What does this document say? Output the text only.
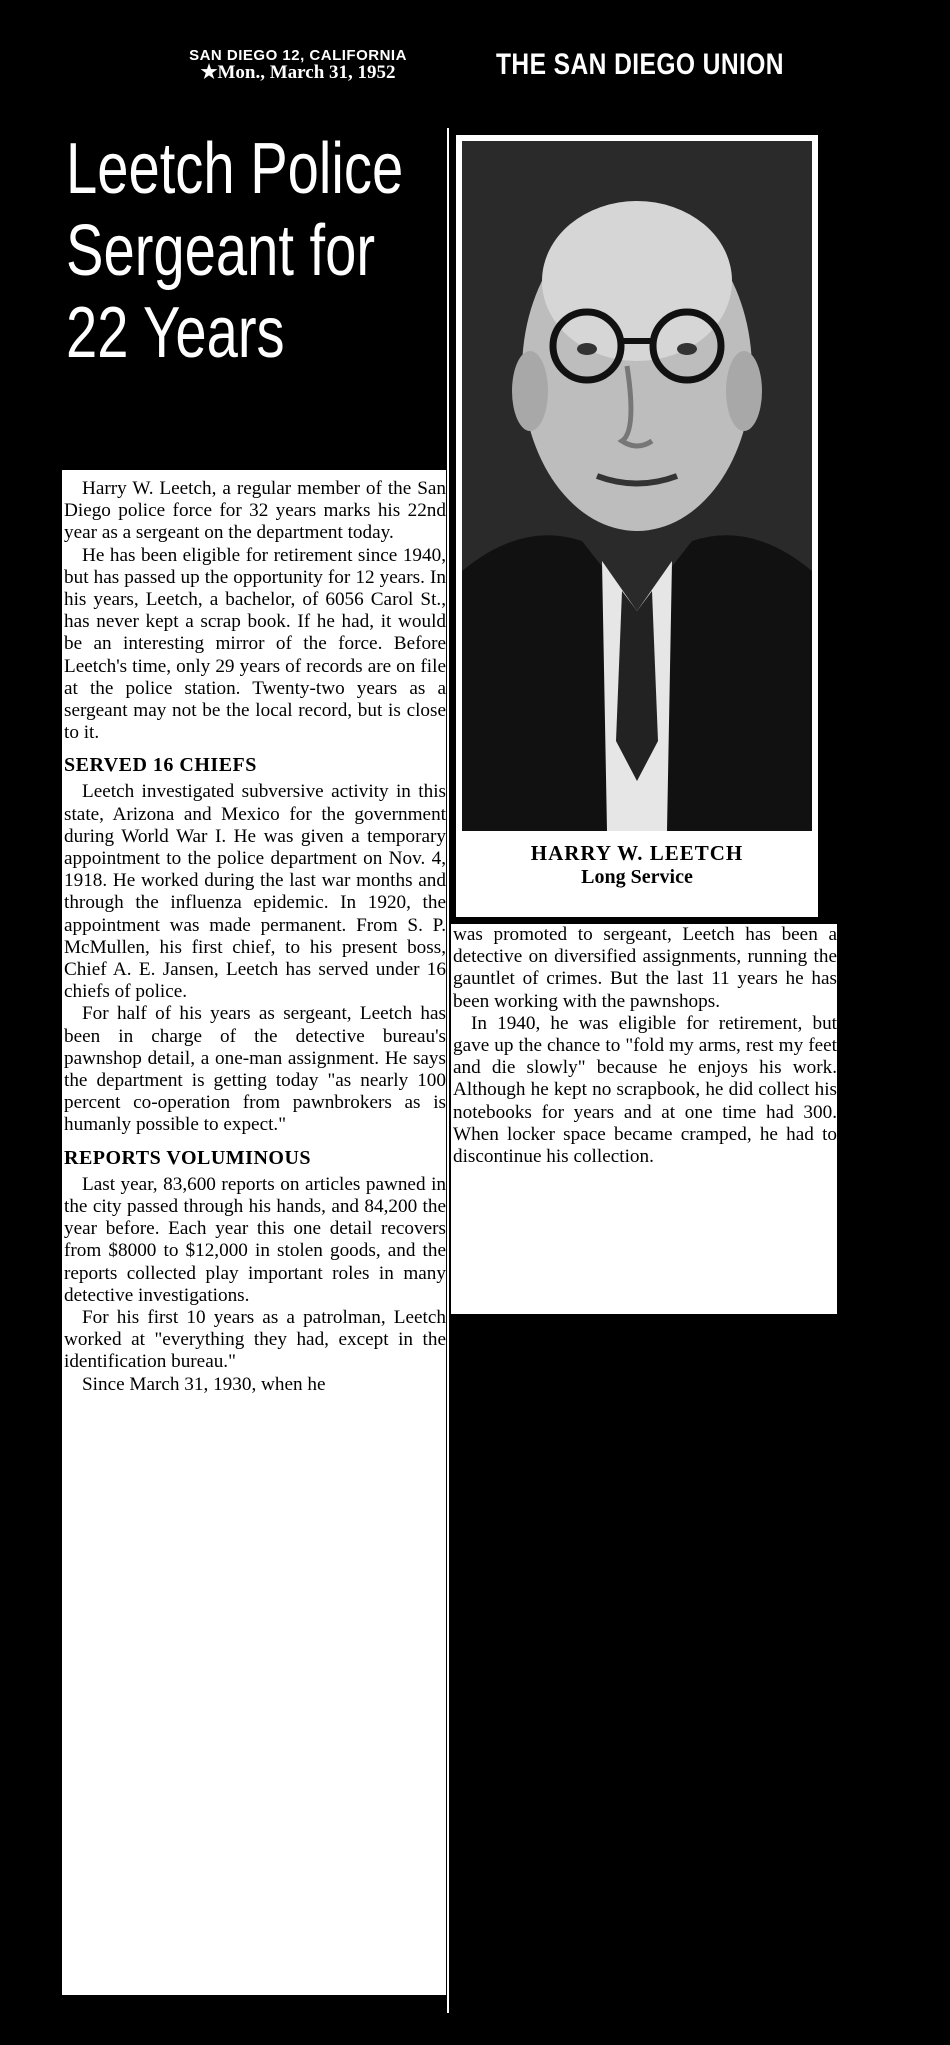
SAN DIEGO 12, CALIFORNIA
★Mon., March 31, 1952	THE SAN DIEGO UNION
Leetch Police
Sergeant for
22 Years
HARRY W. LEETCH
Long Service

Harry W. Leetch, a regular member of the San Diego police force for 32 years marks his 22nd year as a sergeant on the department today.

He has been eligible for retirement since 1940, but has passed up the opportunity for 12 years. In his years, Leetch, a bachelor, of 6056 Carol St., has never kept a scrap book. If he had, it would be an interesting mirror of the force. Before Leetch's time, only 29 years of records are on file at the police station. Twenty-two years as a sergeant may not be the local record, but is close to it.

SERVED 16 CHIEFS

Leetch investigated subversive activity in this state, Arizona and Mexico for the government during World War I. He was given a temporary appointment to the police department on Nov. 4, 1918. He worked during the last war months and through the influenza epidemic. In 1920, the appointment was made permanent. From S. P. McMullen, his first chief, to his present boss, Chief A. E. Jansen, Leetch has served under 16 chiefs of police.

For half of his years as sergeant, Leetch has been in charge of the detective bureau's pawnshop detail, a one-man assignment. He says the department is getting today "as nearly 100 percent co-operation from pawnbrokers as is humanly possible to expect."

REPORTS VOLUMINOUS

Last year, 83,600 reports on articles pawned in the city passed through his hands, and 84,200 the year before. Each year this one detail recovers from $8000 to $12,000 in stolen goods, and the reports collected play important roles in many detective investigations.

For his first 10 years as a patrolman, Leetch worked at "everything they had, except in the identification bureau."

Since March 31, 1930, when he

was promoted to sergeant, Leetch has been a detective on diversified assignments, running the gauntlet of crimes. But the last 11 years he has been working with the pawnshops.

In 1940, he was eligible for retirement, but gave up the chance to "fold my arms, rest my feet and die slowly" because he enjoys his work. Although he kept no scrapbook, he did collect his notebooks for years and at one time had 300. When locker space became cramped, he had to discontinue his collection.
